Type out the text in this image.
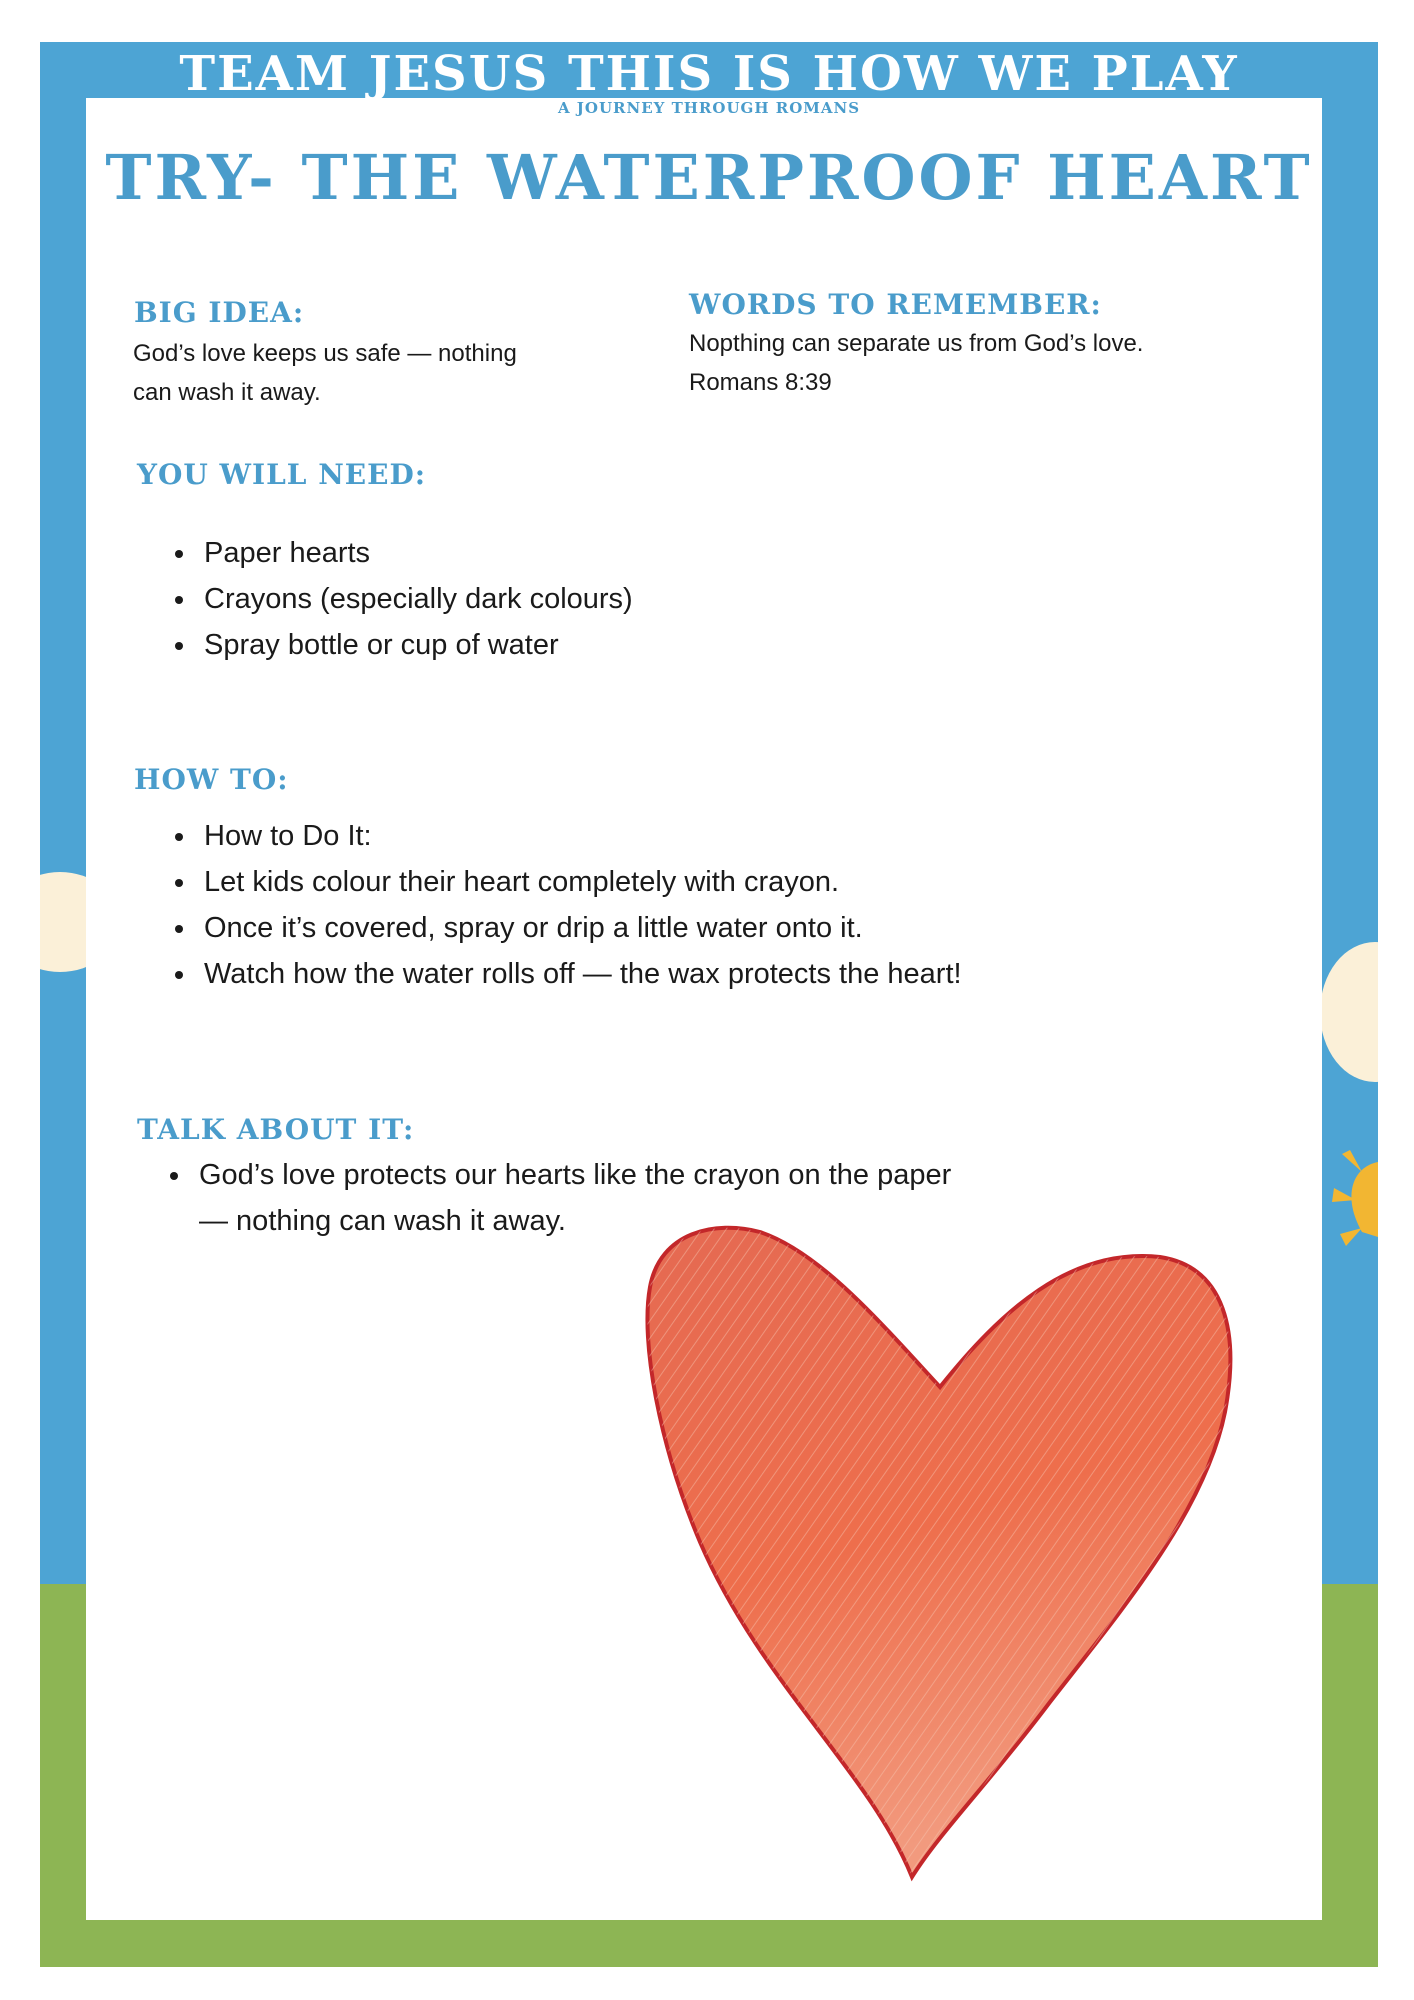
TEAM JESUS THIS IS HOW WE PLAY
A JOURNEY THROUGH ROMANS
TRY- THE WATERPROOF HEART
BIG IDEA:

God’s love keeps us safe — nothing

can wash it away.

WORDS TO REMEMBER:

Nopthing can separate us from God’s love.

Romans 8:39

YOU WILL NEED:
• Paper hearts
• Crayons (especially dark colours)
• Spray bottle or cup of water
HOW TO:
• How to Do It:
• Let kids colour their heart completely with crayon.
• Once it’s covered, spray or drip a little water onto it.
• Watch how the water rolls off — the wax protects the heart!
TALK ABOUT IT:
• God’s love protects our hearts like the crayon on the paper
— nothing can wash it away.
